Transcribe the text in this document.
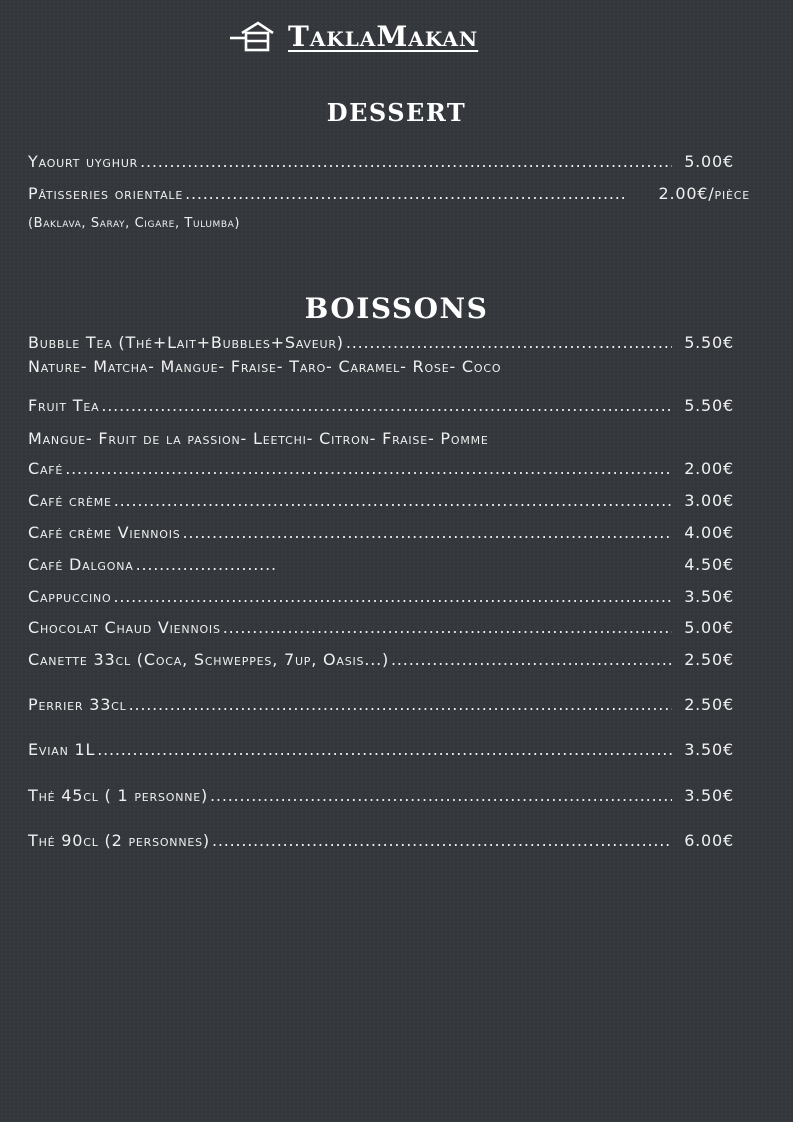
TaklaMakan
DESSERT
Yaourt uyghur .....	5.00€
Pâtisseries orientale .....	2.00€/pièce
(Baklava, Saray, Cigare, Tulumba)
BOISSONS
Bubble Tea (Thé+Lait+Bubbles+Saveur) .....	5.50€
Nature- Matcha- Mangue- Fraise- Taro- Caramel- Rose- Coco
Fruit Tea .....	5.50€
Mangue- Fruit de la passion- Leetchi- Citron- Fraise- Pomme
Café .....	2.00€
Café crème .....	3.00€
Café crème Viennois .....	4.00€
Café Dalgona .....	4.50€
Cappuccino .....	3.50€
Chocolat Chaud Viennois .....	5.00€
Canette 33cl (Coca, Schweppes, 7up, Oasis...) .....	2.50€
Perrier 33cl .....	2.50€
Evian 1L .....	3.50€
Thé 45cl ( 1 personne) .....	3.50€
Thé 90cl (2 personnes) .....	6.00€
